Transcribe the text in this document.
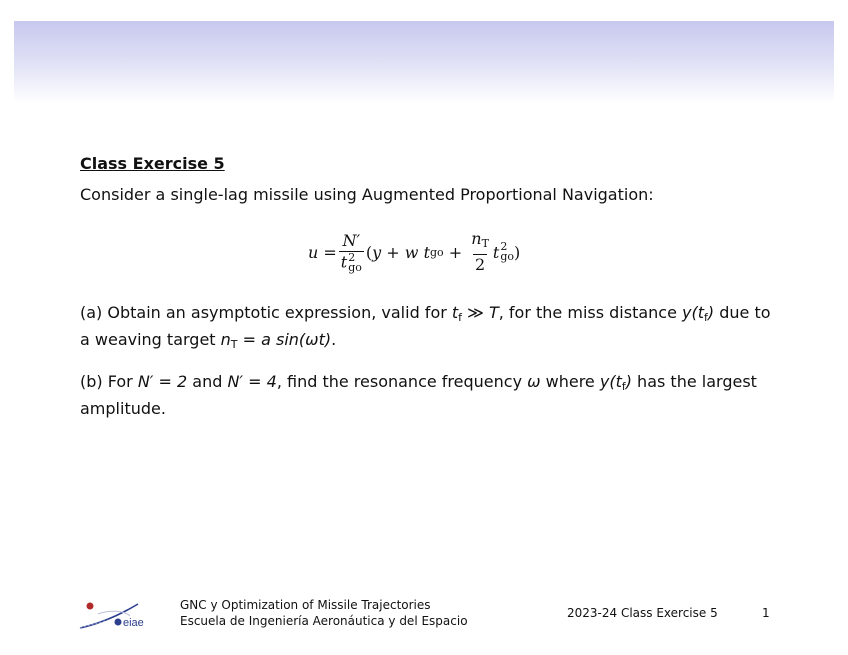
Class Exercise 5
Consider a single-lag missile using Augmented Proportional Navigation:
u = N′
t 2
go ( y + w t go + $\frac{n_T}{2}$ t 2
go )
(a) Obtain an asymptotic expression, valid for $t_f$ ≫ T, for the miss distance $y(t_f)$ due to a weaving target $n_T = a$ sin(ωt).
(b) For N′ = 2 and N′ = 4, find the resonance frequency ω where $y(t_f)$ has the largest amplitude.
eiae
GNC y Optimization of Missile Trajectories
Escuela de Ingeniería Aeronáutica y del Espacio
2023-24 Class Exercise 5	1
